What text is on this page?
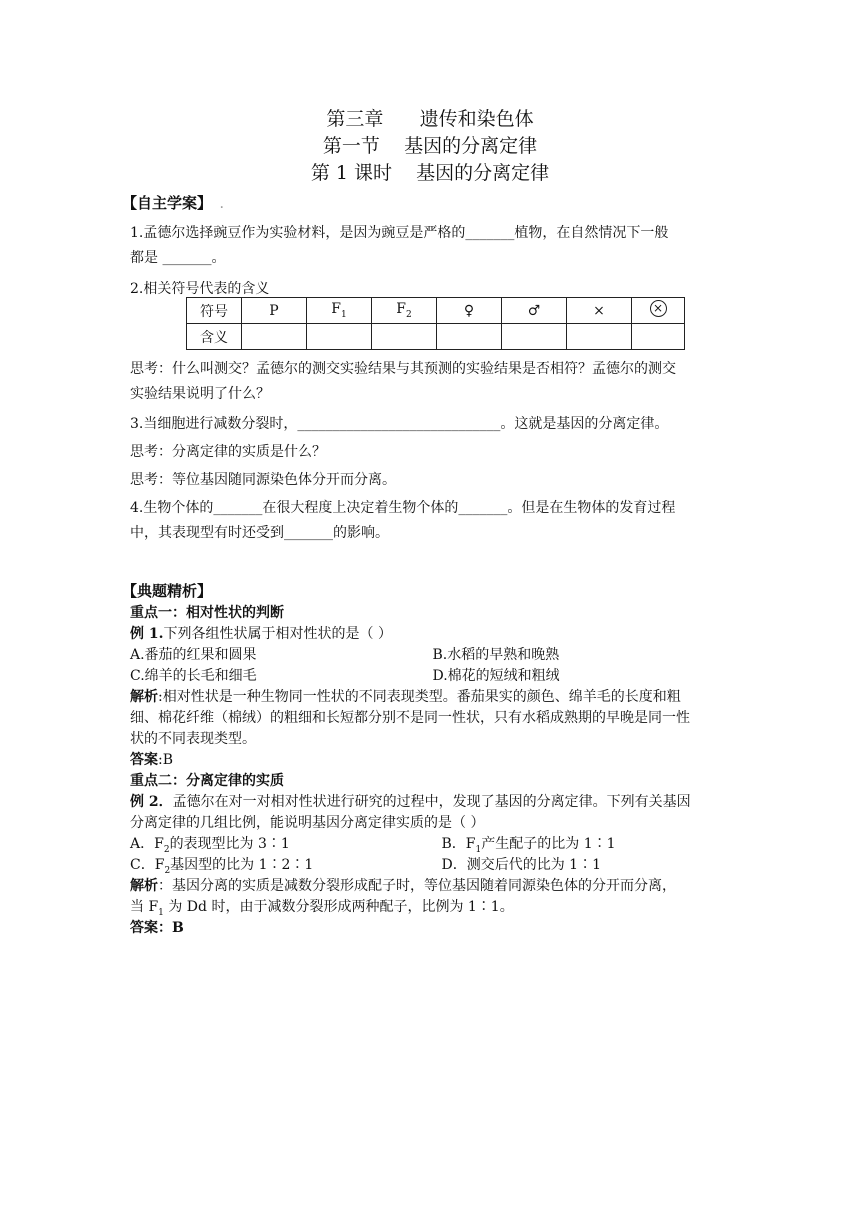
第三章      遗传和染色体
第一节    基因的分离定律
第 1 课时    基因的分离定律
【自主学案】 .
1.孟德尔选择豌豆作为实验材料，是因为豌豆是严格的_______植物，在自然情况下一般
都是 _______。
2.相关符号代表的含义
符号	P	$F_1$	$F_2$	♀	♂	×	×
含义							
思考：什么叫测交？孟德尔的测交实验结果与其预测的实验结果是否相符？孟德尔的测交
实验结果说明了什么？
3.当细胞进行减数分裂时，_____________________________。这就是基因的分离定律。
思考：分离定律的实质是什么？
思考：等位基因随同源染色体分开而分离。
4.生物个体的_______在很大程度上决定着生物个体的_______。但是在生物体的发育过程
中，其表现型有时还受到_______的影响。
【典题精析】
重点一：相对性状的判断
例 1.下列各组性状属于相对性状的是（ ）
A.番茄的红果和圆果	B.水稻的早熟和晚熟
C.绵羊的长毛和细毛	D.棉花的短绒和粗绒
解析:相对性状是一种生物同一性状的不同表现类型。番茄果实的颜色、绵羊毛的长度和粗
细、棉花纤维（棉绒）的粗细和长短都分别不是同一性状，只有水稻成熟期的早晚是同一性
状的不同表现类型。
答案:B
重点二：分离定律的实质
例 2．孟德尔在对一对相对性状进行研究的过程中，发现了基因的分离定律。下列有关基因
分离定律的几组比例，能说明基因分离定律实质的是（ ）
A．$F_2$的表现型比为 3∶1	B．$F_1$产生配子的比为 1∶1
C．$F_2$基因型的比为 1∶2∶1	D．测交后代的比为 1∶1
解析：基因分离的实质是减数分裂形成配子时，等位基因随着同源染色体的分开而分离，
当 $F_1$ 为 Dd 时，由于减数分裂形成两种配子，比例为 1∶1。
答案：B
